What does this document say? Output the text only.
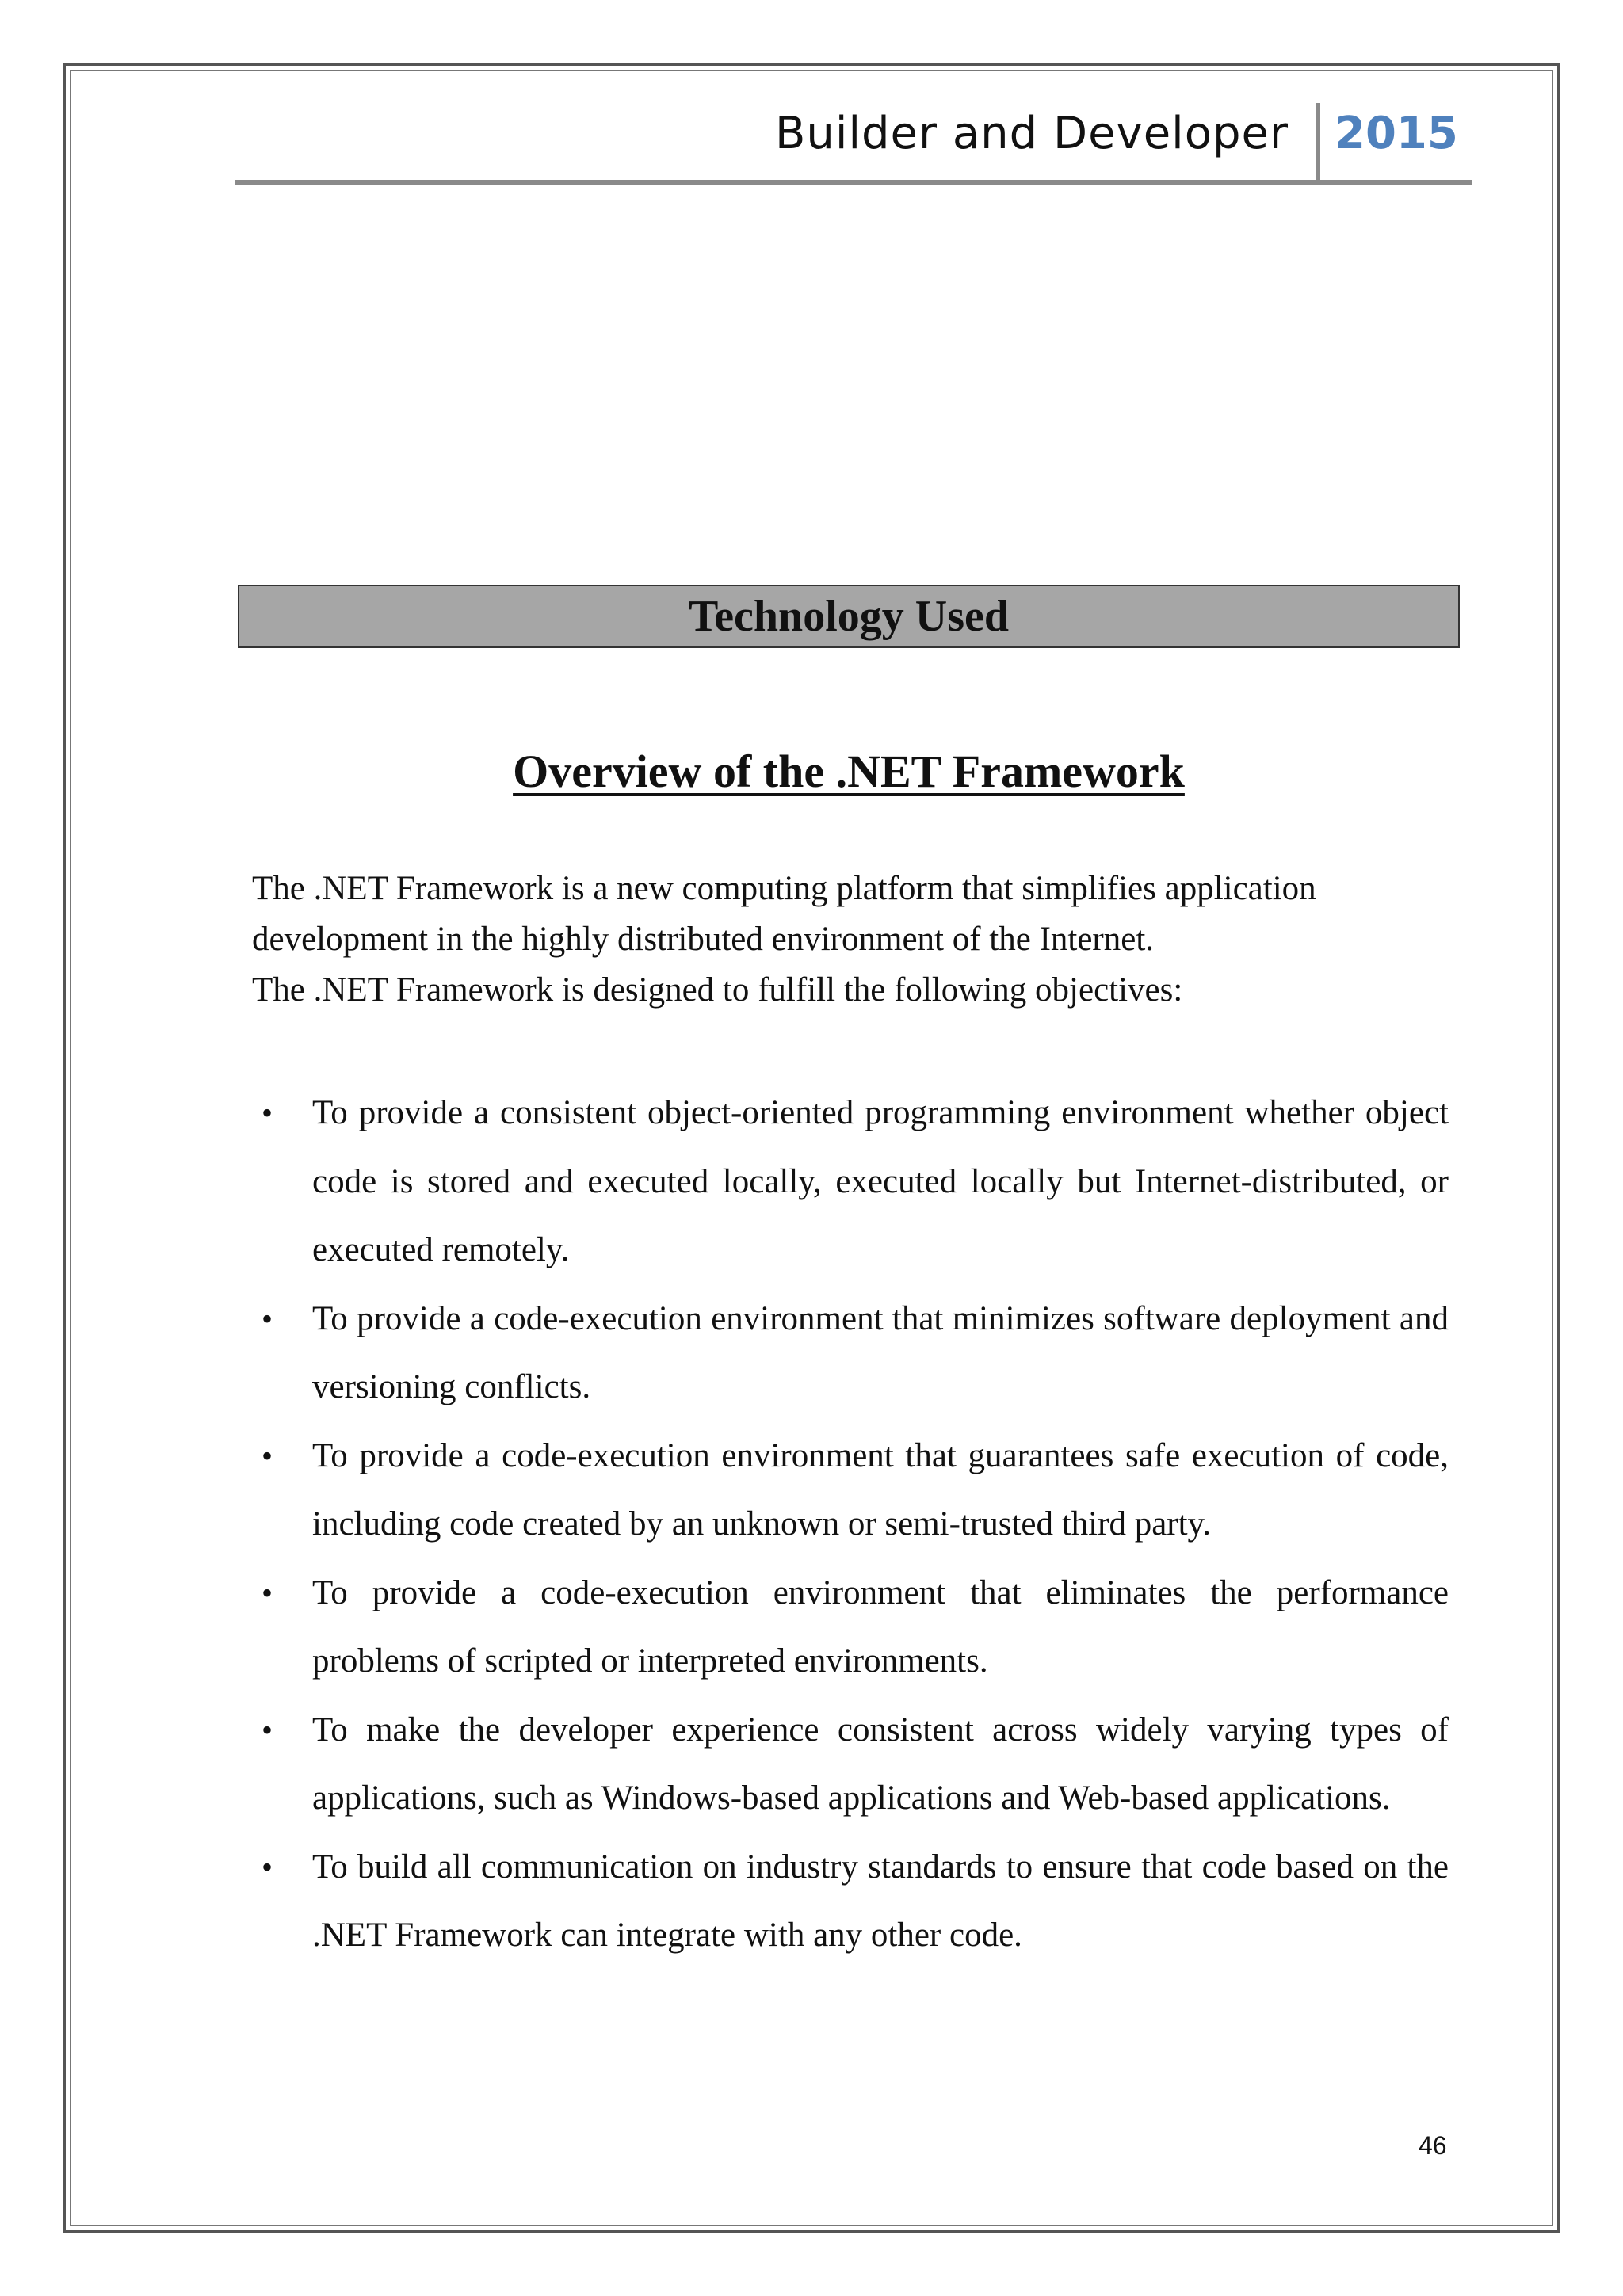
Builder and Developer 2015
Technology Used
Overview of the .NET Framework

The .NET Framework is a new computing platform that simplifies application development in the highly distributed environment of the Internet.

The .NET Framework is designed to fulfill the following objectives:

• To provide a consistent object-oriented programming environment whether object code is stored and executed locally, executed locally but Internet-distributed, or executed remotely.
• To provide a code-execution environment that minimizes software deployment and versioning conflicts.
• To provide a code-execution environment that guarantees safe execution of code, including code created by an unknown or semi-trusted third party.
• To provide a code-execution environment that eliminates the performance problems of scripted or interpreted environments.
• To make the developer experience consistent across widely varying types of applications, such as Windows-based applications and Web-based applications.
• To build all communication on industry standards to ensure that code based on the .NET Framework can integrate with any other code.
46
